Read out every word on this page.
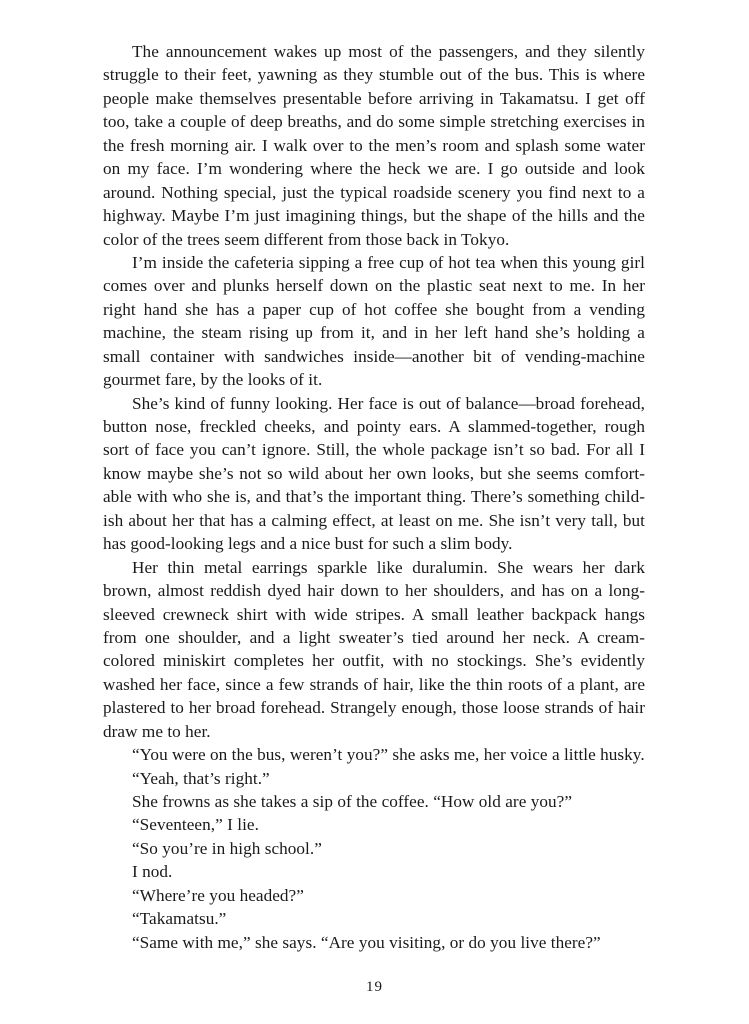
The announcement wakes up most of the passengers, and they silently
struggle to their feet, yawning as they stumble out of the bus. This is where
people make themselves presentable before arriving in Takamatsu. I get off
too, take a couple of deep breaths, and do some simple stretching exercises in
the fresh morning air. I walk over to the men’s room and splash some water
on my face. I’m wondering where the heck we are. I go outside and look
around. Nothing special, just the typical roadside scenery you find next to a
highway. Maybe I’m just imagining things, but the shape of the hills and the
color of the trees seem different from those back in Tokyo.
I’m inside the cafeteria sipping a free cup of hot tea when this young girl
comes over and plunks herself down on the plastic seat next to me. In her
right hand she has a paper cup of hot coffee she bought from a vending
machine, the steam rising up from it, and in her left hand she’s holding a
small container with sandwiches inside—another bit of vending-machine
gourmet fare, by the looks of it.
She’s kind of funny looking. Her face is out of balance—broad forehead,
button nose, freckled cheeks, and pointy ears. A slammed-together, rough
sort of face you can’t ignore. Still, the whole package isn’t so bad. For all I
know maybe she’s not so wild about her own looks, but she seems comfort-
able with who she is, and that’s the important thing. There’s something child-
ish about her that has a calming effect, at least on me. She isn’t very tall, but
has good-looking legs and a nice bust for such a slim body.
Her thin metal earrings sparkle like duralumin. She wears her dark
brown, almost reddish dyed hair down to her shoulders, and has on a long-
sleeved crewneck shirt with wide stripes. A small leather backpack hangs
from one shoulder, and a light sweater’s tied around her neck. A cream-
colored miniskirt completes her outfit, with no stockings. She’s evidently
washed her face, since a few strands of hair, like the thin roots of a plant, are
plastered to her broad forehead. Strangely enough, those loose strands of hair
draw me to her.
“You were on the bus, weren’t you?” she asks me, her voice a little husky.
“Yeah, that’s right.”
She frowns as she takes a sip of the coffee. “How old are you?”
“Seventeen,” I lie.
“So you’re in high school.”
I nod.
“Where’re you headed?”
“Takamatsu.”
“Same with me,” she says. “Are you visiting, or do you live there?”
19
